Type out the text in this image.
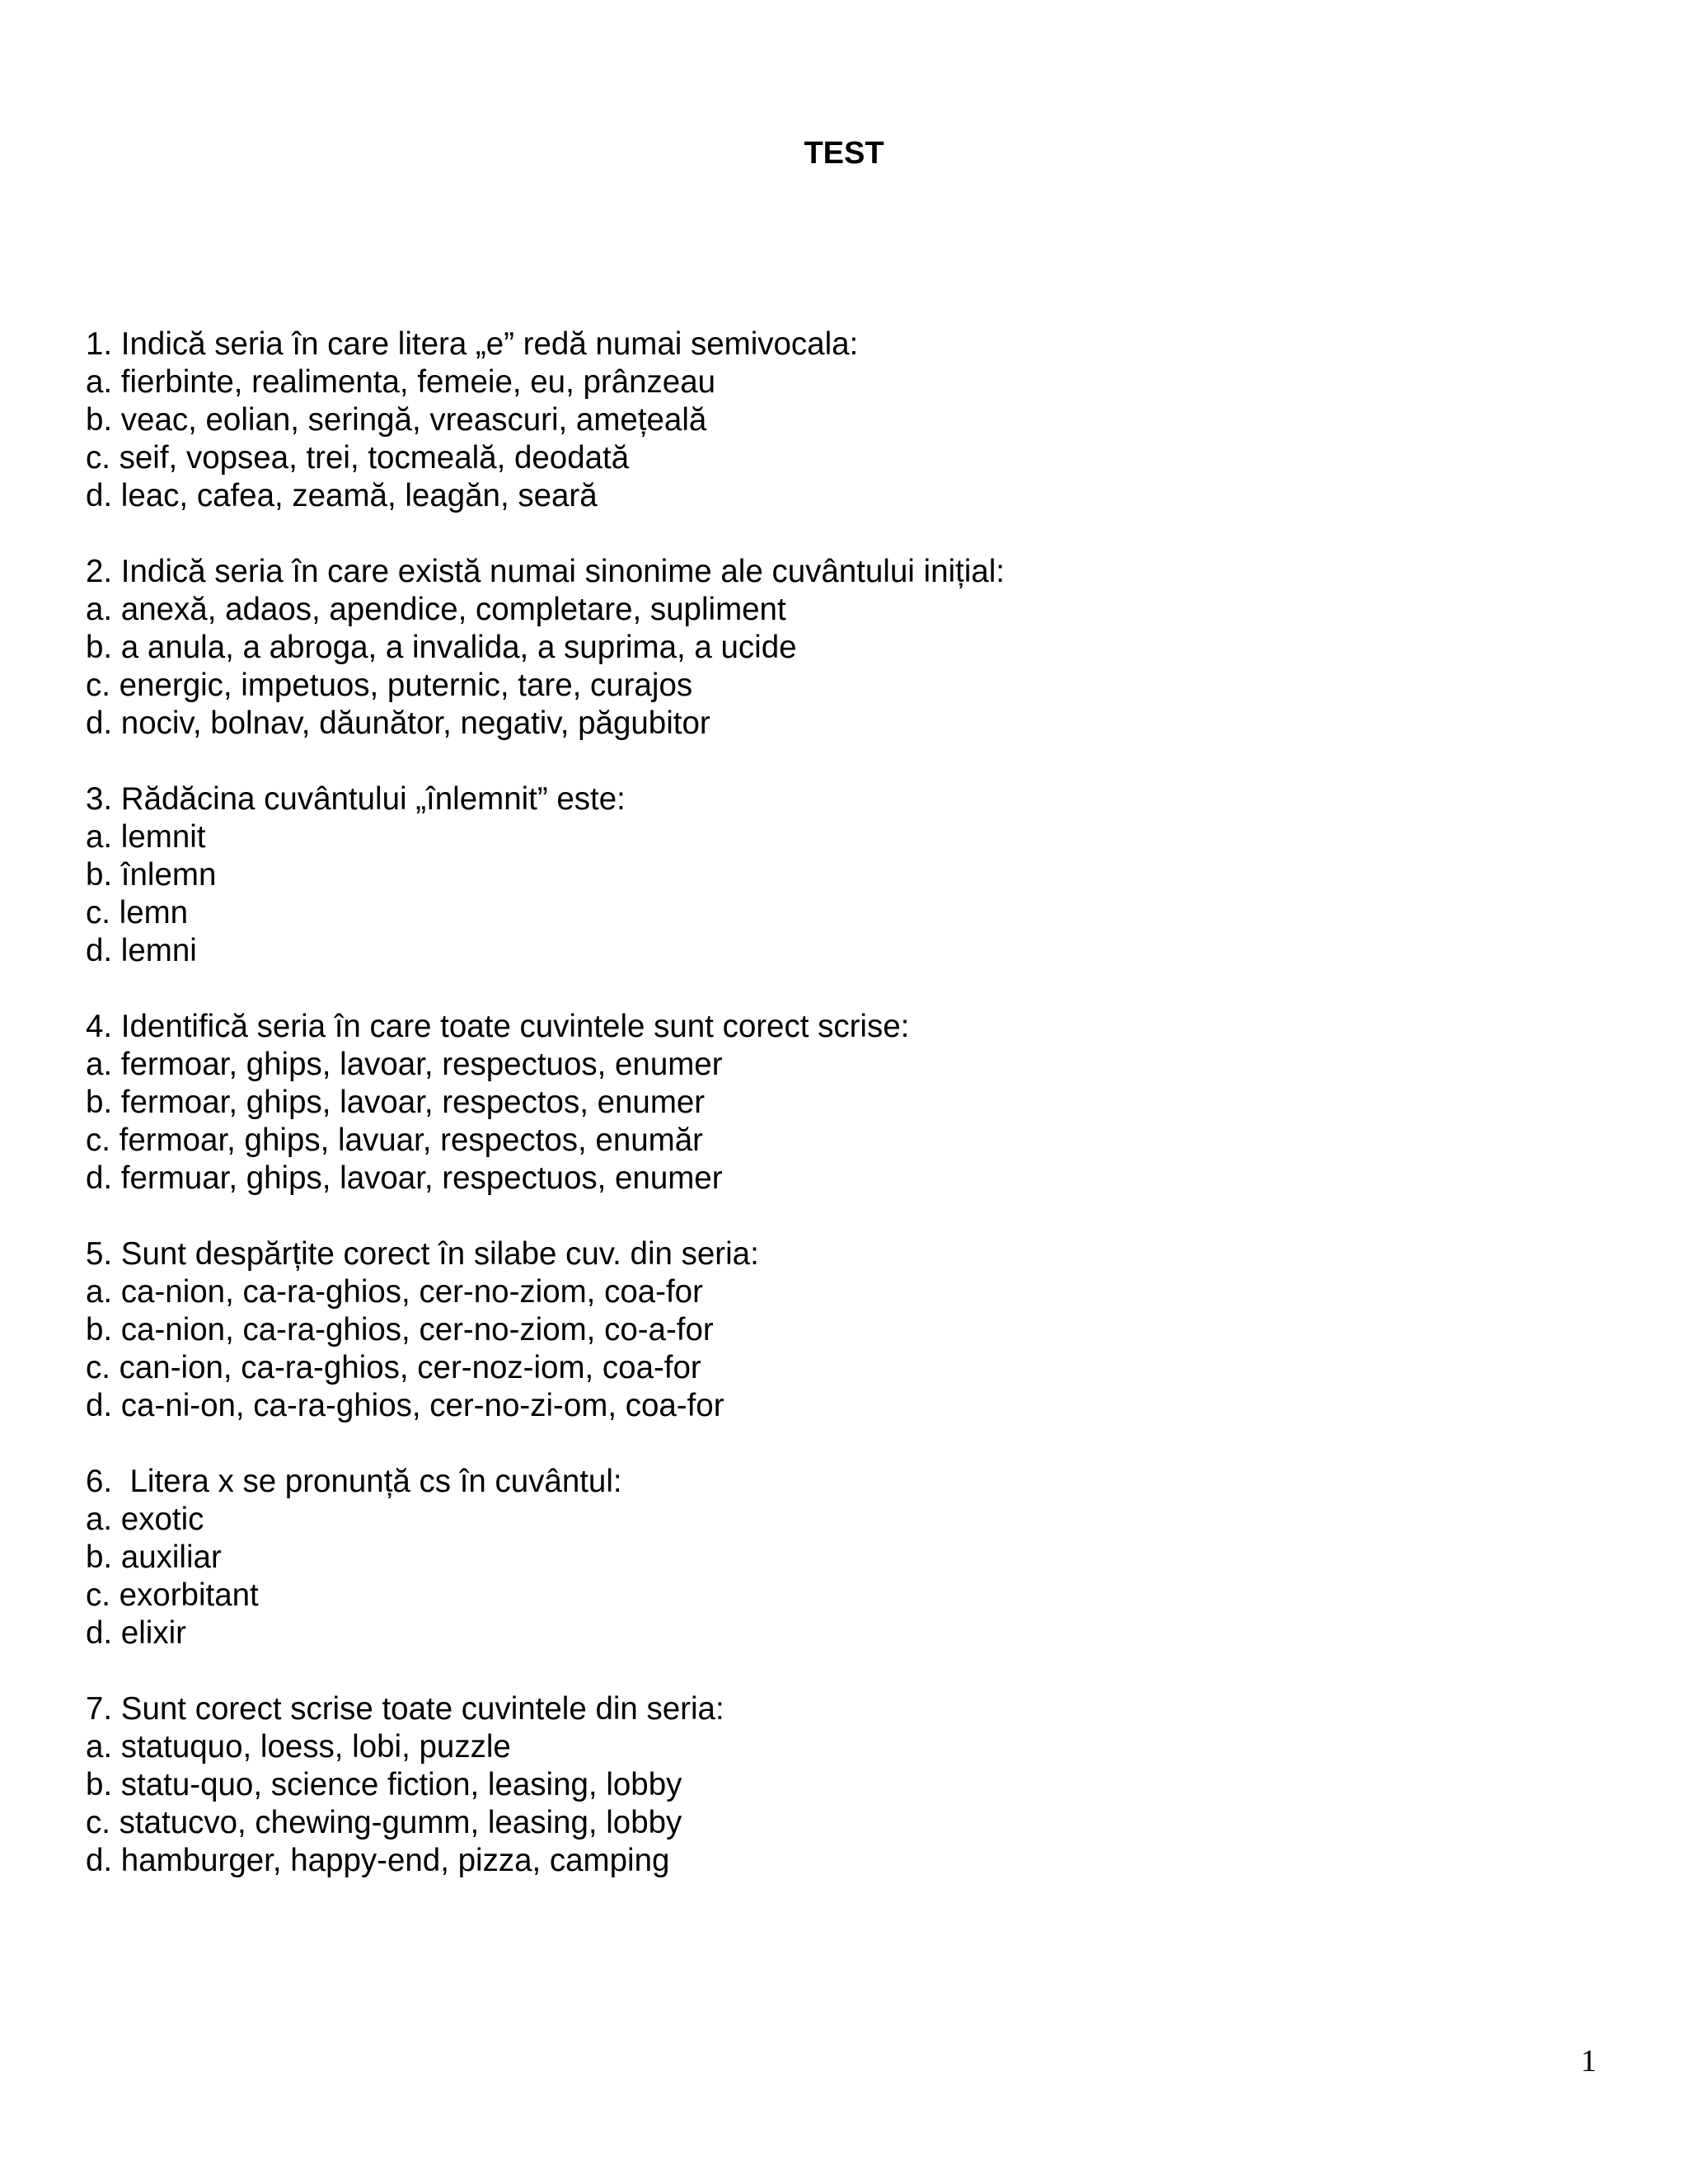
TEST
1. Indică seria în care litera „e” redă numai semivocala:
a. fierbinte, realimenta, femeie, eu, prânzeau
b. veac, eolian, seringă, vreascuri, amețeală
c. seif, vopsea, trei, tocmeală, deodată
d. leac, cafea, zeamă, leagăn, seară
2. Indică seria în care există numai sinonime ale cuvântului inițial:
a. anexă, adaos, apendice, completare, supliment
b. a anula, a abroga, a invalida, a suprima, a ucide
c. energic, impetuos, puternic, tare, curajos
d. nociv, bolnav, dăunător, negativ, păgubitor
3. Rădăcina cuvântului „înlemnit” este:
a. lemnit
b. înlemn
c. lemn
d. lemni
4. Identifică seria în care toate cuvintele sunt corect scrise:
a. fermoar, ghips, lavoar, respectuos, enumer
b. fermoar, ghips, lavoar, respectos, enumer
c. fermoar, ghips, lavuar, respectos, enumăr
d. fermuar, ghips, lavoar, respectuos, enumer
5. Sunt despărțite corect în silabe cuv. din seria:
a. ca-nion, ca-ra-ghios, cer-no-ziom, coa-for
b. ca-nion, ca-ra-ghios, cer-no-ziom, co-a-for
c. can-ion, ca-ra-ghios, cer-noz-iom, coa-for
d. ca-ni-on, ca-ra-ghios, cer-no-zi-om, coa-for
6.  Litera x se pronunță cs în cuvântul:
a. exotic
b. auxiliar
c. exorbitant
d. elixir
7. Sunt corect scrise toate cuvintele din seria:
a. statuquo, loess, lobi, puzzle
b. statu-quo, science fiction, leasing, lobby
c. statucvo, chewing-gumm, leasing, lobby
d. hamburger, happy-end, pizza, camping
1
